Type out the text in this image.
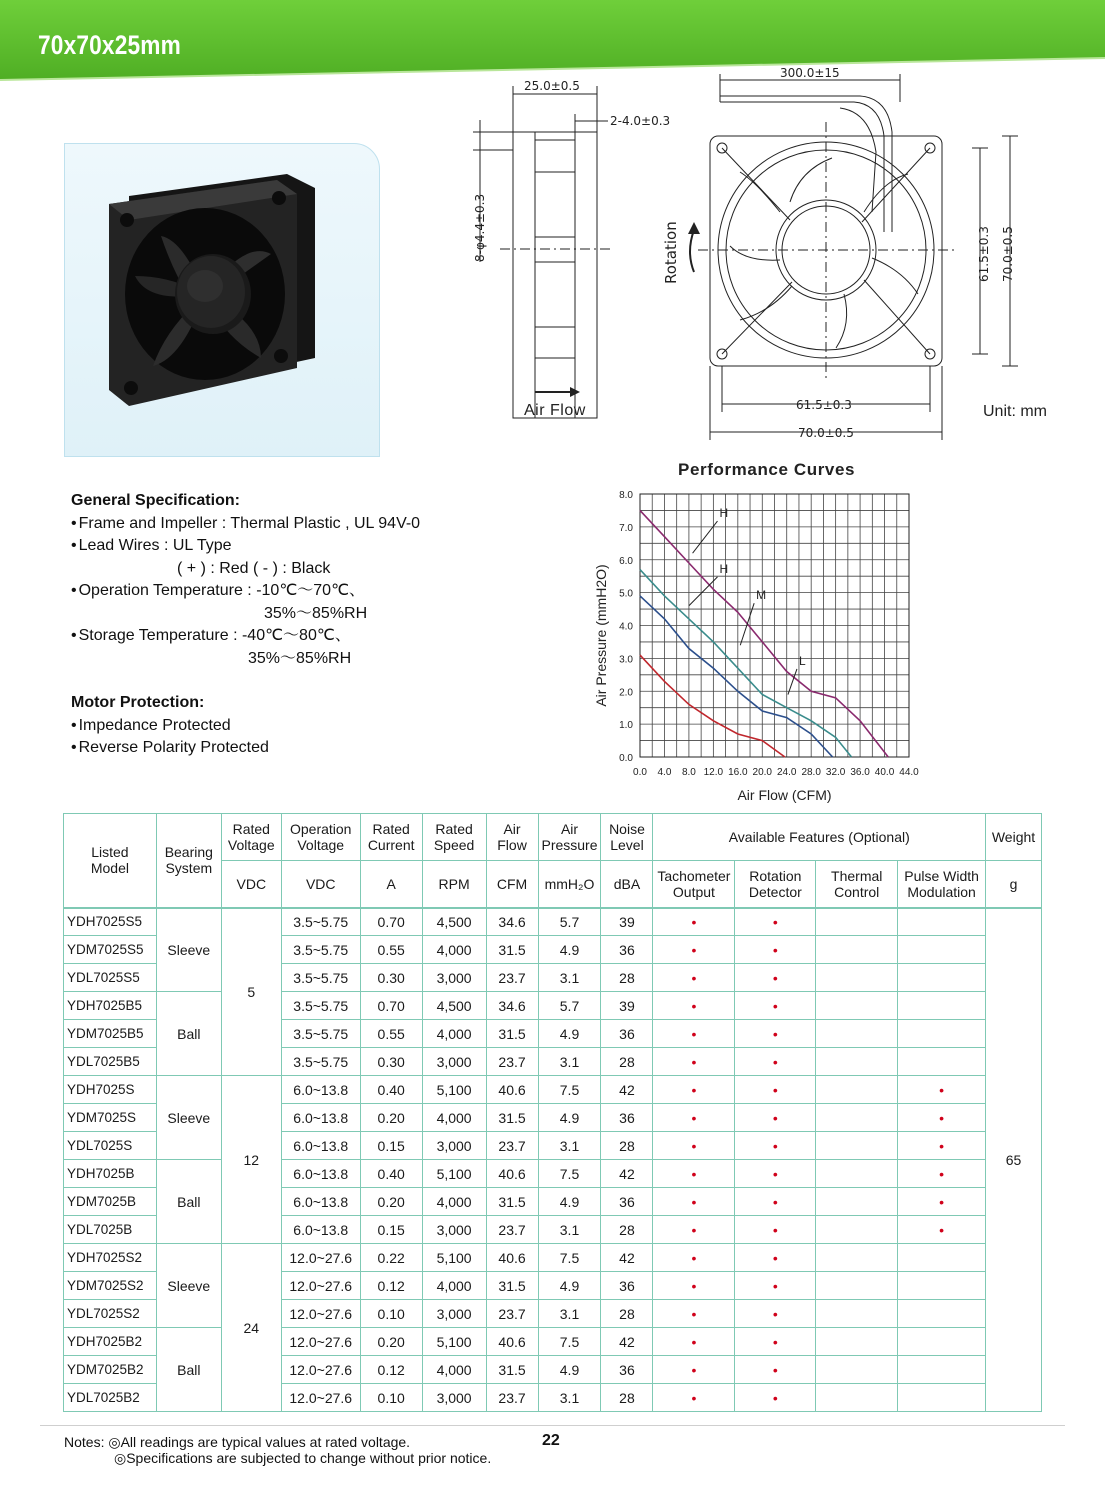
70x70x25mm
25.0±0.5
2-4.0±0.3
8-φ4.4±0.3
300.0±15
61.5±0.3 70.0±0.5
61.5±0.3
70.0±0.5
Rotation
Air Flow	Unit: mm
General Specification:
• Frame and Impeller : Thermal Plastic , UL 94V-0
• Lead Wires : UL Type
( + ) : Red ( - ) : Black
• Operation Temperature : -10℃～70℃、
35%～85%RH
• Storage Temperature : -40℃～80℃、
35%～85%RH
Motor Protection:
• Impedance Protected
• Reverse Polarity Protected
Performance Curves
0.0 4.0 8.0 12.0 16.0 20.0 24.0 28.0 32.0 36.0 40.0 44.0
0.0
1.0
2.0
3.0
4.0
5.0
6.0
7.0
8.0
Air Flow (CFM)
Air Pressure (mmH2O)
H
H
M
L
Listed Model	Bearing System	Rated Voltage	Operation Voltage	Rated Current	Rated Speed	Air Flow	Air Pressure	Noise Level	Available Features (Optional)				Weight
		VDC	VDC	A	RPM	CFM	mmH₂O	dBA	Tachometer Output	Rotation Detector	Thermal Control	Pulse Width Modulation	g
YDH7025S5	Sleeve	5	3.5~5.75	0.70	4,500	34.6	5.7	39	•	•			65
YDM7025S5			3.5~5.75	0.55	4,000	31.5	4.9	36	•	•			
YDL7025S5			3.5~5.75	0.30	3,000	23.7	3.1	28	•	•			
YDH7025B5	Ball		3.5~5.75	0.70	4,500	34.6	5.7	39	•	•			
YDM7025B5			3.5~5.75	0.55	4,000	31.5	4.9	36	•	•			
YDL7025B5			3.5~5.75	0.30	3,000	23.7	3.1	28	•	•			
YDH7025S	Sleeve	12	6.0~13.8	0.40	5,100	40.6	7.5	42	•	•		•	
YDM7025S			6.0~13.8	0.20	4,000	31.5	4.9	36	•	•		•	
YDL7025S			6.0~13.8	0.15	3,000	23.7	3.1	28	•	•		•	
YDH7025B	Ball		6.0~13.8	0.40	5,100	40.6	7.5	42	•	•		•	
YDM7025B			6.0~13.8	0.20	4,000	31.5	4.9	36	•	•		•	
YDL7025B			6.0~13.8	0.15	3,000	23.7	3.1	28	•	•		•	
YDH7025S2	Sleeve	24	12.0~27.6	0.22	5,100	40.6	7.5	42	•	•			
YDM7025S2			12.0~27.6	0.12	4,000	31.5	4.9	36	•	•			
YDL7025S2			12.0~27.6	0.10	3,000	23.7	3.1	28	•	•			
YDH7025B2	Ball		12.0~27.6	0.20	5,100	40.6	7.5	42	•	•			
YDM7025B2			12.0~27.6	0.12	4,000	31.5	4.9	36	•	•			
YDL7025B2			12.0~27.6	0.10	3,000	23.7	3.1	28	•	•			
Notes: ◎All readings are typical values at rated voltage.
◎Specifications are subjected to change without prior notice.
22
